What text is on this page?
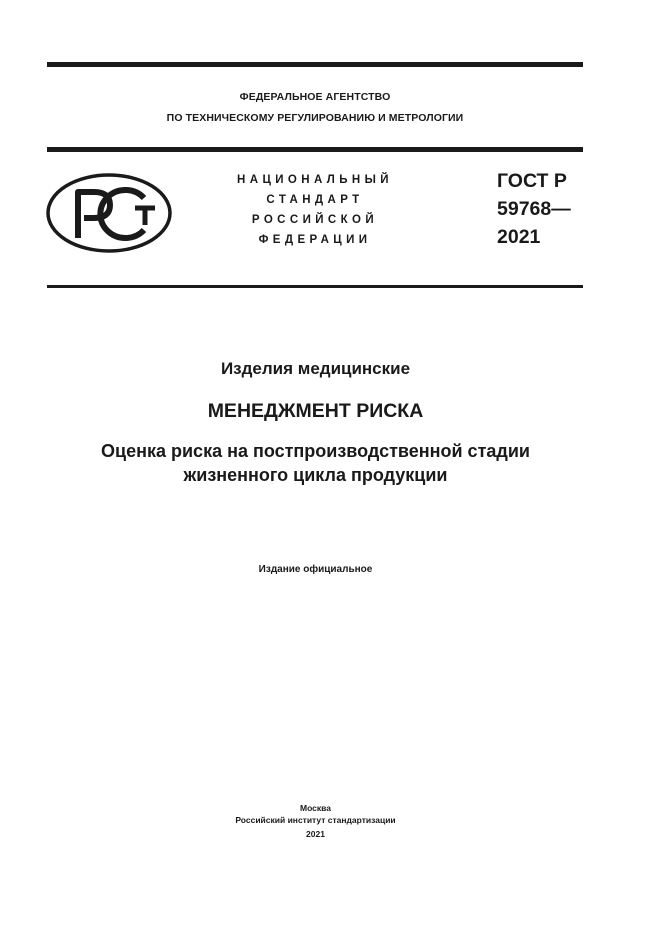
ФЕДЕРАЛЬНОЕ АГЕНТСТВО
ПО ТЕХНИЧЕСКОМУ РЕГУЛИРОВАНИЮ И МЕТРОЛОГИИ
НАЦИОНАЛЬНЫЙ
СТАНДАРТ
РОССИЙСКОЙ
ФЕДЕРАЦИИ
ГОСТ Р
59768—
2021
Изделия медицинские
МЕНЕДЖМЕНТ РИСКА
Оценка риска на постпроизводственной стадии
жизненного цикла продукции
Издание официальное
Москва
Российский институт стандартизации
2021
